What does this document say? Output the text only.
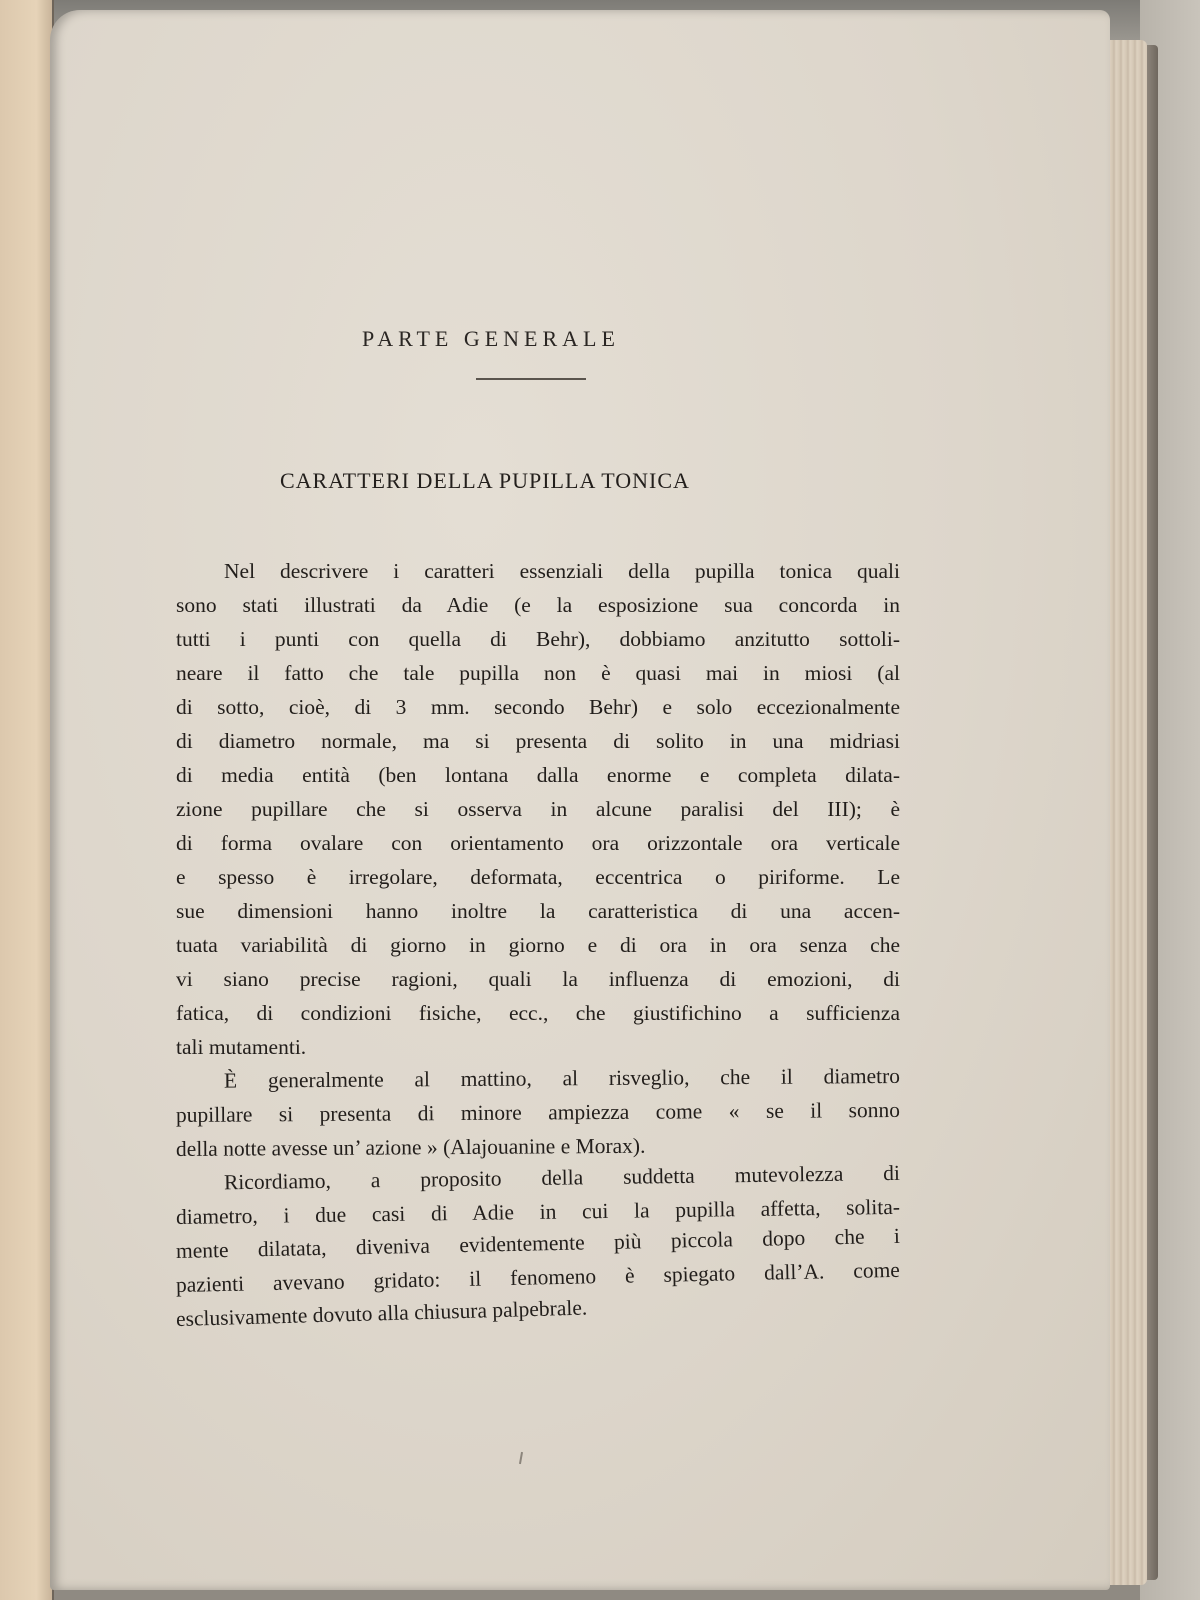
PARTE GENERALE
CARATTERI DELLA PUPILLA TONICA
Nel descrivere i caratteri essenziali della pupilla tonica quali
sono stati illustrati da Adie (e la esposizione sua concorda in
tutti i punti con quella di Behr), dobbiamo anzitutto sottoli-
neare il fatto che tale pupilla non è quasi mai in miosi (al
di sotto, cioè, di 3 mm. secondo Behr) e solo eccezionalmente
di diametro normale, ma si presenta di solito in una midriasi
di media entità (ben lontana dalla enorme e completa dilata-
zione pupillare che si osserva in alcune paralisi del III); è
di forma ovalare con orientamento ora orizzontale ora verticale
e spesso è irregolare, deformata, eccentrica o piriforme. Le
sue dimensioni hanno inoltre la caratteristica di una accen-
tuata variabilità di giorno in giorno e di ora in ora senza che
vi siano precise ragioni, quali la influenza di emozioni, di
fatica, di condizioni fisiche, ecc., che giustifichino a sufficienza
tali mutamenti.
È generalmente al mattino, al risveglio, che il diametro
pupillare si presenta di minore ampiezza come « se il sonno
della notte avesse un’ azione » (Alajouanine e Morax).
Ricordiamo, a proposito della suddetta mutevolezza di
diametro, i due casi di Adie in cui la pupilla affetta, solita-
mente dilatata, diveniva evidentemente più piccola dopo che i
pazienti avevano gridato: il fenomeno è spiegato dall’A. come
esclusivamente dovuto alla chiusura palpebrale.
